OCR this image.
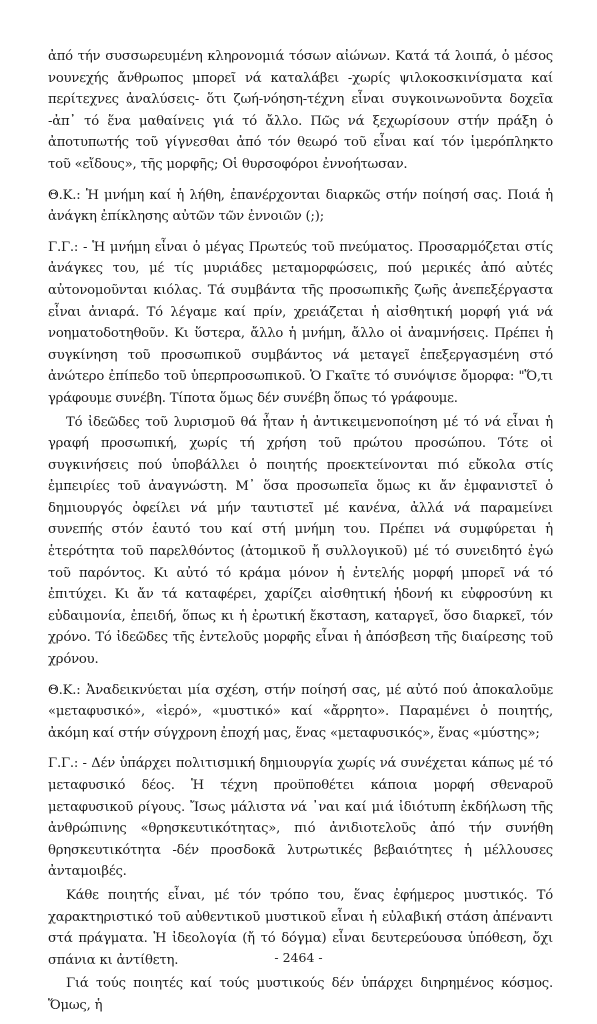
ἀπό τήν συσσωρευμένη κληρονομιά τόσων αἰώνων. Κατά τά λοιπά, ὁ μέσος νουνεχής ἄνθρωπος μπορεῖ νά καταλάβει -χωρίς ψιλοκοσκινίσματα καί περίτεχνες ἀναλύσεις- ὅτι ζωή-νόηση-τέχνη εἶναι συγκοινωνοῦντα δοχεῖα -ἀπ᾽ τό ἕνα μαθαίνεις γιά τό ἄλλο. Πῶς νά ξεχωρίσουν στήν πράξη ὁ ἀποτυπωτής τοῦ γίγνεσθαι ἀπό τόν θεωρό τοῦ εἶναι καί τόν ἱμερόπληκτο τοῦ «εἴδους», τῆς μορφῆς; Οἱ θυρσοφόροι ἐννοήτωσαν.

Θ.Κ.: Ἡ μνήμη καί ἡ λήθη, ἐπανέρχονται διαρκῶς στήν ποίησή σας. Ποιά ἡ ἀνάγκη ἐπίκλησης αὐτῶν τῶν ἐννοιῶν (;);

Γ.Γ.: - Ἡ μνήμη εἶναι ὁ μέγας Πρωτεύς τοῦ πνεύματος. Προσαρμόζεται στίς ἀνάγκες του, μέ τίς μυριάδες μεταμορφώσεις, πού μερικές ἀπό αὐτές αὐτονομοῦνται κιόλας. Τά συμβάντα τῆς προσωπικῆς ζωῆς ἀνεπεξέργαστα εἶναι ἀνιαρά. Τό λέγαμε καί πρίν, χρειάζεται ἡ αἰσθητική μορφή γιά νά νοηματοδοτηθοῦν. Κι ὕστερα, ἄλλο ἡ μνήμη, ἄλλο οἱ ἀναμνήσεις. Πρέπει ἡ συγκίνηση τοῦ προσωπικοῦ συμβάντος νά μεταγεῖ ἐπεξεργασμένη στό ἀνώτερο ἐπίπεδο τοῦ ὑπερπροσωπικοῦ. Ὁ Γκαῖτε τό συνόψισε ὄμορφα: "Ὅ,τι γράφουμε συνέβη. Τίποτα ὅμως δέν συνέβη ὅπως τό γράφουμε.

Τό ἰδεῶδες τοῦ λυρισμοῦ θά ἦταν ἡ ἀντικειμενοποίηση μέ τό νά εἶναι ἡ γραφή προσωπική, χωρίς τή χρήση τοῦ πρώτου προσώπου. Τότε οἱ συγκινήσεις πού ὑποβάλλει ὁ ποιητής προεκτείνονται πιό εὔκολα στίς ἐμπειρίες τοῦ ἀναγνώστη. Μ᾽ ὅσα προσωπεῖα ὅμως κι ἄν ἐμφανιστεῖ ὁ δημιουργός ὀφείλει νά μήν ταυτιστεῖ μέ κανένα, ἀλλά νά παραμείνει συνεπής στόν ἑαυτό του καί στή μνήμη του. Πρέπει νά συμφύρεται ἡ ἑτερότητα τοῦ παρελθόντος (ἀτομικοῦ ἤ συλλογικοῦ) μέ τό συνειδητό ἐγώ τοῦ παρόντος. Κι αὐτό τό κράμα μόνον ἡ ἐντελής μορφή μπορεῖ νά τό ἐπιτύχει. Κι ἄν τά καταφέρει, χαρίζει αἰσθητική ἡδονή κι εὐφροσύνη κι εὐδαιμονία, ἐπειδή, ὅπως κι ἡ ἐρωτική ἔκσταση, καταργεῖ, ὅσο διαρκεῖ, τόν χρόνο. Τό ἰδεῶδες τῆς ἐντελοῦς μορφῆς εἶναι ἡ ἀπόσβεση τῆς διαίρεσης τοῦ χρόνου.

Θ.Κ.: Ἀναδεικνύεται μία σχέση, στήν ποίησή σας, μέ αὐτό πού ἀποκαλοῦμε «μεταφυσικό», «ἱερό», «μυστικό» καί «ἄρρητο». Παραμένει ὁ ποιητής, ἀκόμη καί στήν σύγχρονη ἐποχή μας, ἕνας «μεταφυσικός», ἕνας «μύστης»;

Γ.Γ.: - Δέν ὑπάρχει πολιτισμική δημιουργία χωρίς νά συνέχεται κάπως μέ τό μεταφυσικό δέος. Ἡ τέχνη προϋποθέτει κάποια μορφή σθεναροῦ μεταφυσικοῦ ρίγους. Ἴσως μάλιστα νά ᾽ναι καί μιά ἰδιότυπη ἐκδήλωση τῆς ἀνθρώπινης «θρησκευτικότητας», πιό ἀνιδιοτελοῦς ἀπό τήν συνήθη θρησκευτικότητα -δέν προσδοκᾶ λυτρωτικές βεβαιότητες ἡ μέλλουσες ἀνταμοιβές.

Κάθε ποιητής εἶναι, μέ τόν τρόπο του, ἕνας ἐφήμερος μυστικός. Τό χαρακτηριστικό τοῦ αὐθεντικοῦ μυστικοῦ εἶναι ἡ εὐλαβική στάση ἀπέναντι στά πράγματα. Ἡ ἰδεολογία (ἤ τό δόγμα) εἶναι δευτερεύουσα ὑπόθεση, ὄχι σπάνια κι ἀντίθετη.

Γιά τούς ποιητές καί τούς μυστικούς δέν ὑπάρχει διηρημένος κόσμος. Ὅμως, ἡ

- 2464 -
